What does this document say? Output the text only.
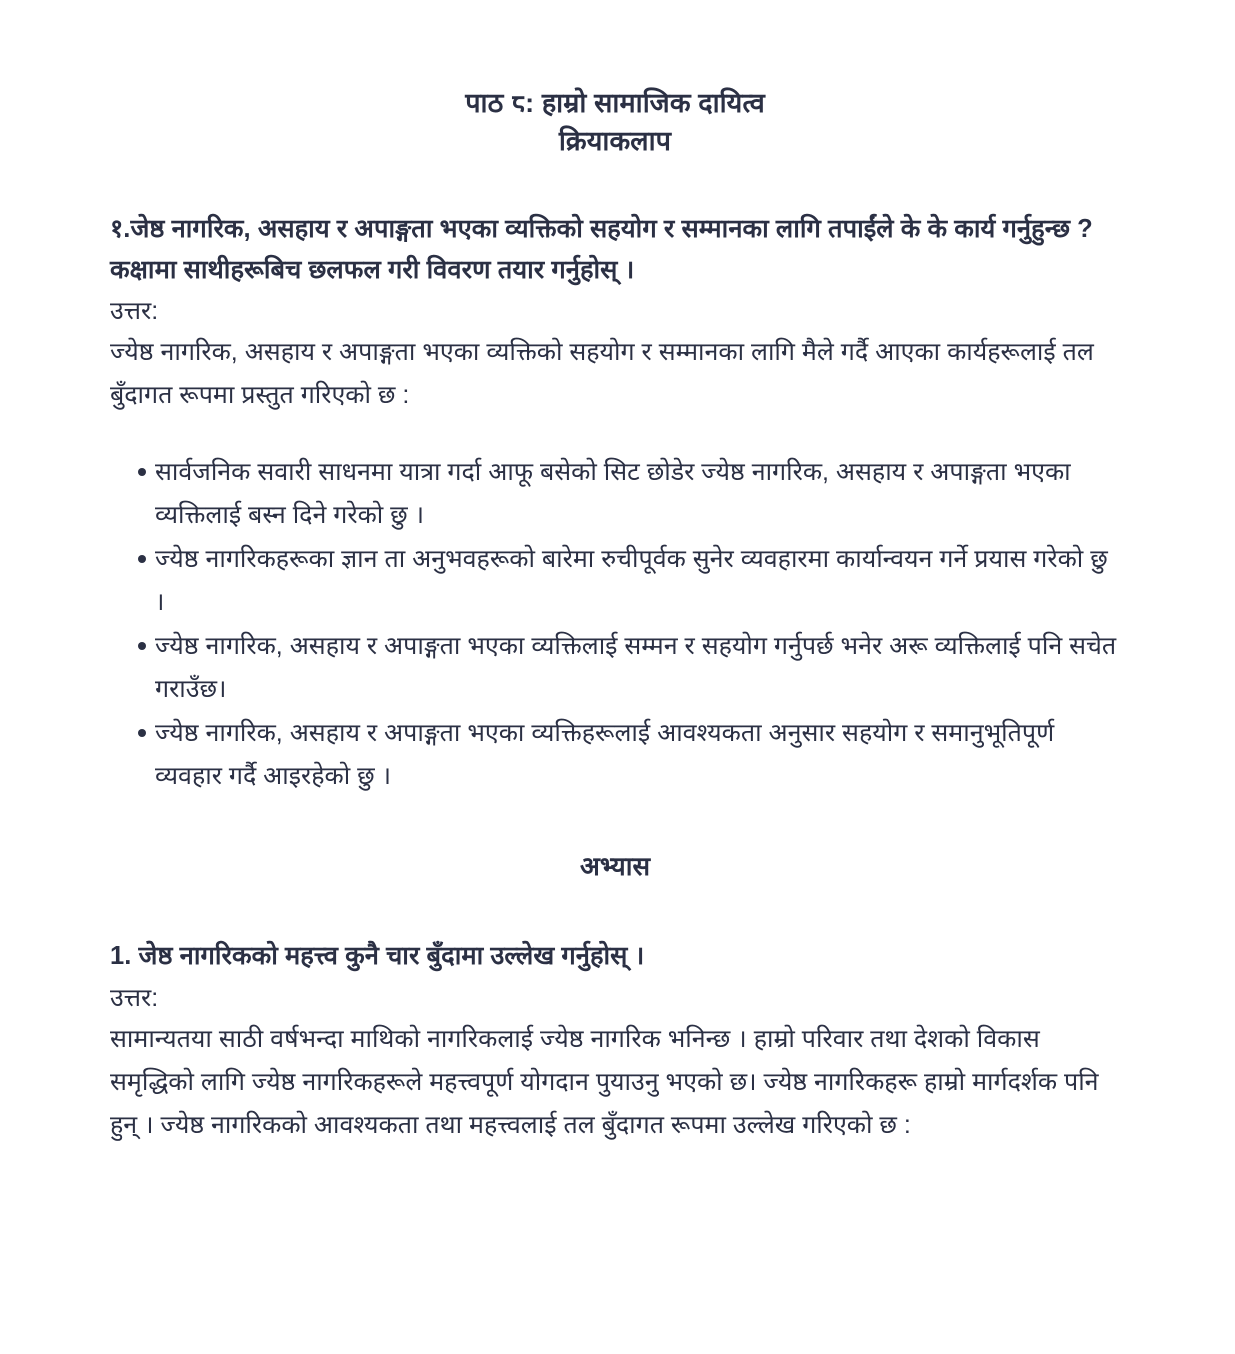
पाठ ८: हाम्रो सामाजिक दायित्व
क्रियाकलाप

१.जेष्ठ नागरिक, असहाय र अपाङ्गता भएका व्यक्तिको सहयोग र सम्मानका लागि तपाईंले के के कार्य गर्नुहुन्छ ? कक्षामा साथीहरूबिच छलफल गरी विवरण तयार गर्नुहोस् ।

उत्तर:

ज्येष्ठ नागरिक, असहाय र अपाङ्गता भएका व्यक्तिको सहयोग र सम्मानका लागि मैले गर्दै आएका कार्यहरूलाई तल बुँदागत रूपमा प्रस्तुत गरिएको छ :

सार्वजनिक सवारी साधनमा यात्रा गर्दा आफू बसेको सिट छोडेर ज्येष्ठ नागरिक, असहाय र अपाङ्गता भएका व्यक्तिलाई बस्न दिने गरेको छु ।
ज्येष्ठ नागरिकहरूका ज्ञान ता अनुभवहरूको बारेमा रुचीपूर्वक सुनेर व्यवहारमा कार्यान्वयन गर्ने प्रयास गरेको छु ।
ज्येष्ठ नागरिक, असहाय र अपाङ्गता भएका व्यक्तिलाई सम्मन र सहयोग गर्नुपर्छ भनेर अरू व्यक्तिलाई पनि सचेत गराउँछ।
ज्येष्ठ नागरिक, असहाय र अपाङ्गता भएका व्यक्तिहरूलाई आवश्यकता अनुसार सहयोग र समानुभूतिपूर्ण व्यवहार गर्दै आइरहेको छु ।
अभ्यास

1. जेेष्ठ नागरिकको महत्त्व कुनै चार बुँदामा उल्लेख गर्नुहोस् ।

उत्तर:

सामान्यतया साठी वर्षभन्दा माथिको नागरिकलाई ज्येष्ठ नागरिक भनिन्छ । हाम्रो परिवार तथा देशको विकास समृद्धिको लागि ज्येष्ठ नागरिकहरूले महत्त्वपूर्ण योगदान पुयाउनु भएको छ। ज्येष्ठ नागरिकहरू हाम्रो मार्गदर्शक पनि हुन् । ज्येष्ठ नागरिकको आवश्यकता तथा महत्त्वलाई तल बुँदागत रूपमा उल्लेख गरिएको छ :
